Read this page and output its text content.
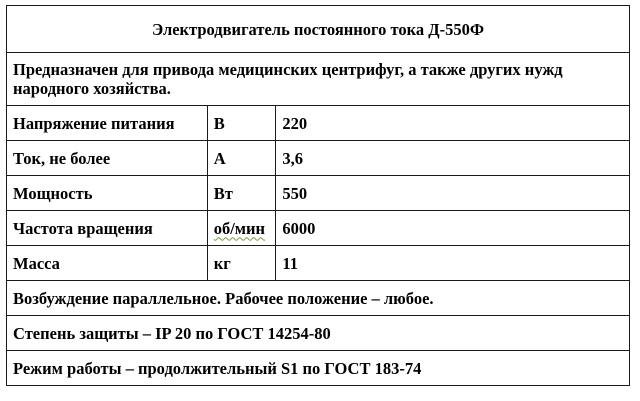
Электродвигатель постоянного тока Д-550Ф		
Предназначен для привода медицинских центрифуг, а также других нужд народного хозяйства.		
Напряжение питания	В	220
Ток, не более	А	3,6
Мощность	Вт	550
Частота вращения	об/мин	6000
Масса	кг	11
Возбуждение параллельное. Рабочее положение – любое.		
Степень защиты – IP 20 по ГОСТ 14254-80		
Режим работы – продолжительный S1 по ГОСТ 183-74		
